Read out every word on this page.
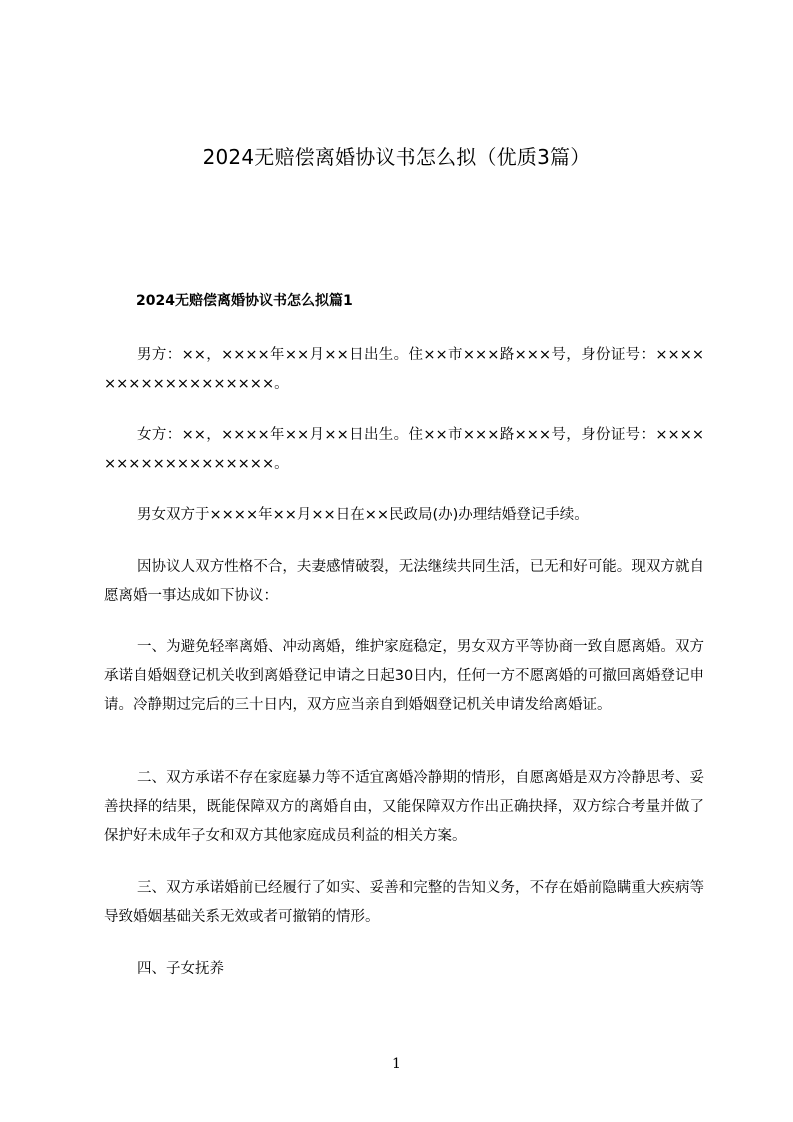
2024无赔偿离婚协议书怎么拟（优质3篇）
2024无赔偿离婚协议书怎么拟篇1

男方：××，××××年××月××日出生。住××市×××路×××号，身份证号：××××××××××××××××××。

女方：××，××××年××月××日出生。住××市×××路×××号，身份证号：××××××××××××××××××。

男女双方于××××年××月××日在××民政局(办)办理结婚登记手续。

因协议人双方性格不合，夫妻感情破裂，无法继续共同生活，已无和好可能。现双方就自愿离婚一事达成如下协议：

一、为避免轻率离婚、冲动离婚，维护家庭稳定，男女双方平等协商一致自愿离婚。双方承诺自婚姻登记机关收到离婚登记申请之日起30日内，任何一方不愿离婚的可撤回离婚登记申请。冷静期过完后的三十日内，双方应当亲自到婚姻登记机关申请发给离婚证。

二、双方承诺不存在家庭暴力等不适宜离婚冷静期的情形，自愿离婚是双方冷静思考、妥善抉择的结果，既能保障双方的离婚自由，又能保障双方作出正确抉择，双方综合考量并做了保护好未成年子女和双方其他家庭成员利益的相关方案。

三、双方承诺婚前已经履行了如实、妥善和完整的告知义务，不存在婚前隐瞒重大疾病等导致婚姻基础关系无效或者可撤销的情形。

四、子女抚养

1
